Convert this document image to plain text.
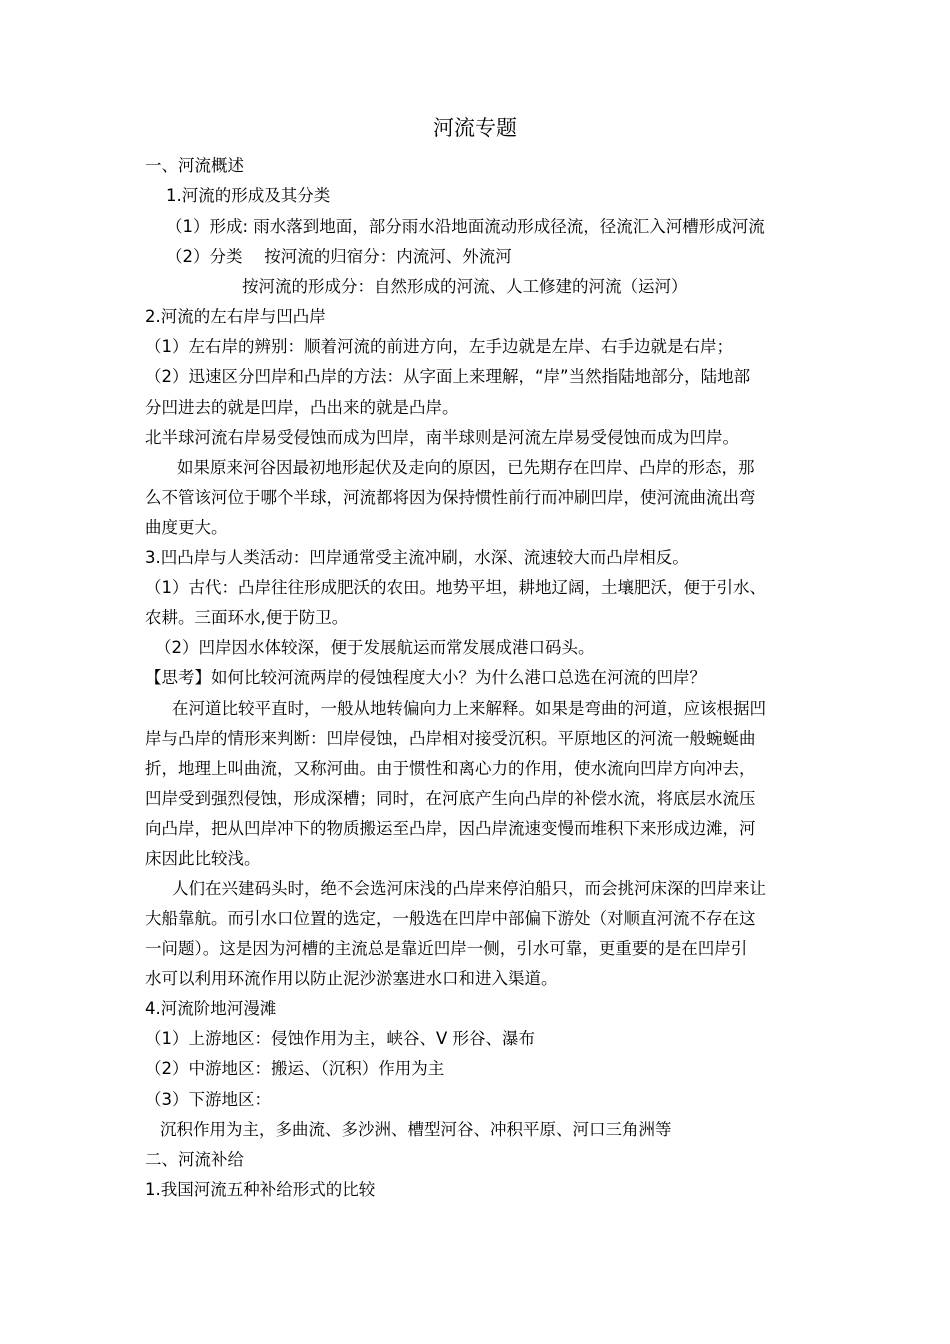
河流专题

一、河流概述

1.河流的形成及其分类

（1）形成: 雨水落到地面，部分雨水沿地面流动形成径流，径流汇入河槽形成河流

（2）分类　 按河流的归宿分：内流河、外流河

按河流的形成分：自然形成的河流、人工修建的河流（运河）

2.河流的左右岸与凹凸岸

（1）左右岸的辨别：顺着河流的前进方向，左手边就是左岸、右手边就是右岸；

（2）迅速区分凹岸和凸岸的方法：从字面上来理解，“岸”当然指陆地部分，陆地部

分凹进去的就是凹岸，凸出来的就是凸岸。

北半球河流右岸易受侵蚀而成为凹岸，南半球则是河流左岸易受侵蚀而成为凹岸。

如果原来河谷因最初地形起伏及走向的原因，已先期存在凹岸、凸岸的形态，那

么不管该河位于哪个半球，河流都将因为保持惯性前行而冲刷凹岸，使河流曲流出弯

曲度更大。

3.凹凸岸与人类活动：凹岸通常受主流冲刷，水深、流速较大而凸岸相反。

（1）古代：凸岸往往形成肥沃的农田。地势平坦，耕地辽阔，土壤肥沃，便于引水、

农耕。三面环水,便于防卫。

（2）凹岸因水体较深，便于发展航运而常发展成港口码头。

【思考】如何比较河流两岸的侵蚀程度大小？为什么港口总选在河流的凹岸？

在河道比较平直时，一般从地转偏向力上来解释。如果是弯曲的河道，应该根据凹

岸与凸岸的情形来判断：凹岸侵蚀，凸岸相对接受沉积。平原地区的河流一般蜿蜒曲

折，地理上叫曲流，又称河曲。由于惯性和离心力的作用，使水流向凹岸方向冲去，

凹岸受到强烈侵蚀，形成深槽；同时，在河底产生向凸岸的补偿水流，将底层水流压

向凸岸，把从凹岸冲下的物质搬运至凸岸，因凸岸流速变慢而堆积下来形成边滩，河

床因此比较浅。

人们在兴建码头时，绝不会选河床浅的凸岸来停泊船只，而会挑河床深的凹岸来让

大船靠航。而引水口位置的选定，一般选在凹岸中部偏下游处（对顺直河流不存在这

一问题）。这是因为河槽的主流总是靠近凹岸一侧，引水可靠，更重要的是在凹岸引

水可以利用环流作用以防止泥沙淤塞进水口和进入渠道。

4.河流阶地河漫滩

（1）上游地区：侵蚀作用为主，峡谷、V 形谷、瀑布

（2）中游地区：搬运、（沉积）作用为主

（3）下游地区：

沉积作用为主，多曲流、多沙洲、槽型河谷、冲积平原、河口三角洲等

二、河流补给

1.我国河流五种补给形式的比较
